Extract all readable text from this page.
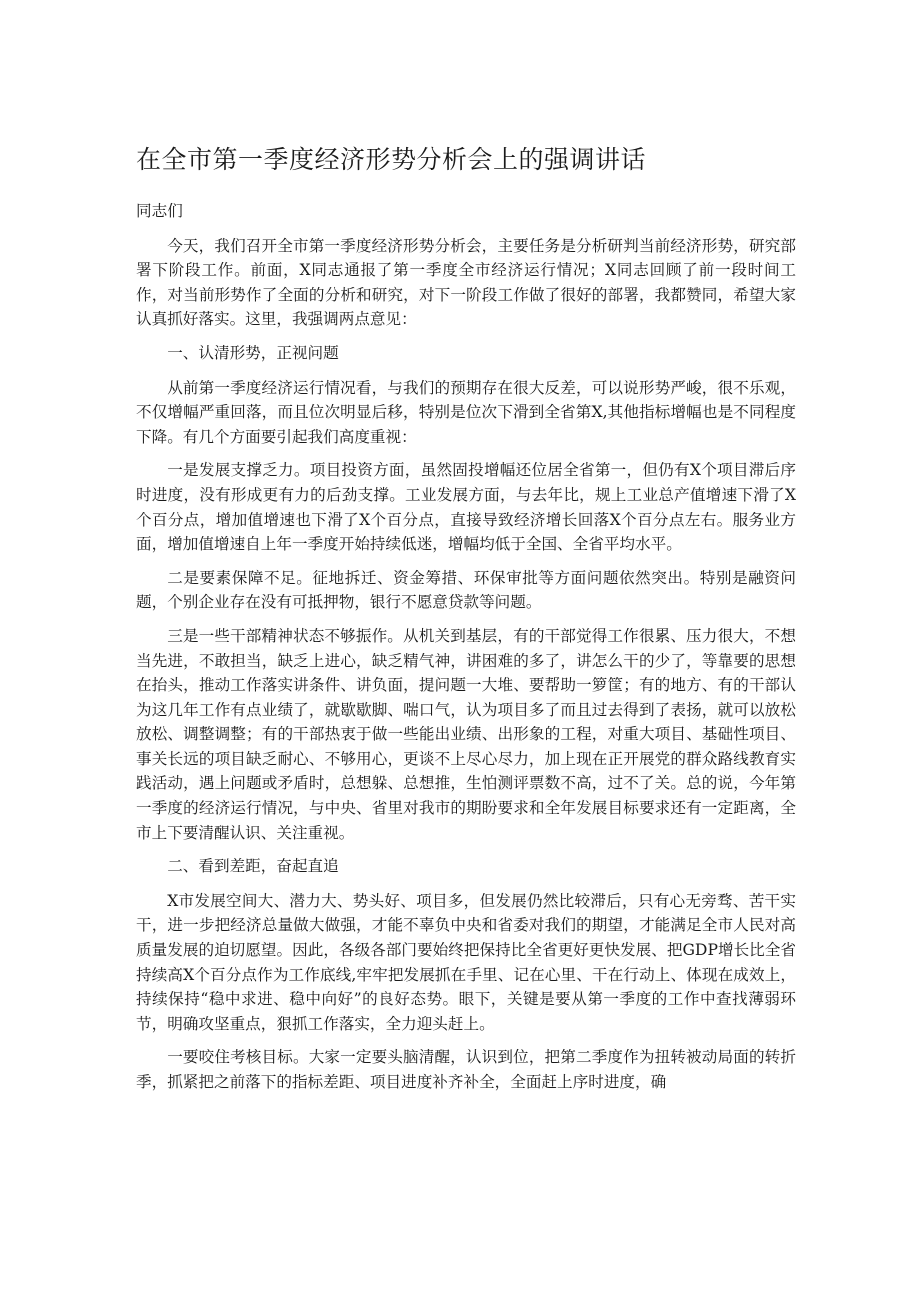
在全市第一季度经济形势分析会上的强调讲话

同志们

今天，我们召开全市第一季度经济形势分析会，主要任务是分析研判当前经济形势，研究部署下阶段工作。前面，X同志通报了第一季度全市经济运行情况；X同志回顾了前一段时间工作，对当前形势作了全面的分析和研究，对下一阶段工作做了很好的部署，我都赞同，希望大家认真抓好落实。这里，我强调两点意见：

一、认清形势，正视问题

从前第一季度经济运行情况看，与我们的预期存在很大反差，可以说形势严峻，很不乐观，不仅增幅严重回落，而且位次明显后移，特别是位次下滑到全省第X,其他指标增幅也是不同程度下降。有几个方面要引起我们高度重视：

一是发展支撑乏力。项目投资方面，虽然固投增幅还位居全省第一，但仍有X个项目滞后序时进度，没有形成更有力的后劲支撑。工业发展方面，与去年比，规上工业总产值增速下滑了X个百分点，增加值增速也下滑了X个百分点，直接导致经济增长回落X个百分点左右。服务业方面，增加值增速自上年一季度开始持续低迷，增幅均低于全国、全省平均水平。

二是要素保障不足。征地拆迁、资金筹措、环保审批等方面问题依然突出。特别是融资问题，个别企业存在没有可抵押物，银行不愿意贷款等问题。

三是一些干部精神状态不够振作。从机关到基层，有的干部觉得工作很累、压力很大，不想当先进，不敢担当，缺乏上进心，缺乏精气神，讲困难的多了，讲怎么干的少了，等靠要的思想在抬头，推动工作落实讲条件、讲负面，提问题一大堆、要帮助一箩筐；有的地方、有的干部认为这几年工作有点业绩了，就歇歇脚、喘口气，认为项目多了而且过去得到了表扬，就可以放松放松、调整调整；有的干部热衷于做一些能出业绩、出形象的工程，对重大项目、基础性项目、事关长远的项目缺乏耐心、不够用心，更谈不上尽心尽力，加上现在正开展党的群众路线教育实践活动，遇上问题或矛盾时，总想躲、总想推，生怕测评票数不高，过不了关。总的说，今年第一季度的经济运行情况，与中央、省里对我市的期盼要求和全年发展目标要求还有一定距离，全市上下要清醒认识、关注重视。

二、看到差距，奋起直追

X市发展空间大、潜力大、势头好、项目多，但发展仍然比较滞后，只有心无旁骛、苦干实干，进一步把经济总量做大做强，才能不辜负中央和省委对我们的期望，才能满足全市人民对高质量发展的迫切愿望。因此，各级各部门要始终把保持比全省更好更快发展、把GDP增长比全省持续高X个百分点作为工作底线,牢牢把发展抓在手里、记在心里、干在行动上、体现在成效上，持续保持“稳中求进、稳中向好”的良好态势。眼下，关键是要从第一季度的工作中查找薄弱环节，明确攻坚重点，狠抓工作落实，全力迎头赶上。

一要咬住考核目标。大家一定要头脑清醒，认识到位，把第二季度作为扭转被动局面的转折季，抓紧把之前落下的指标差距、项目进度补齐补全，全面赶上序时进度，确
